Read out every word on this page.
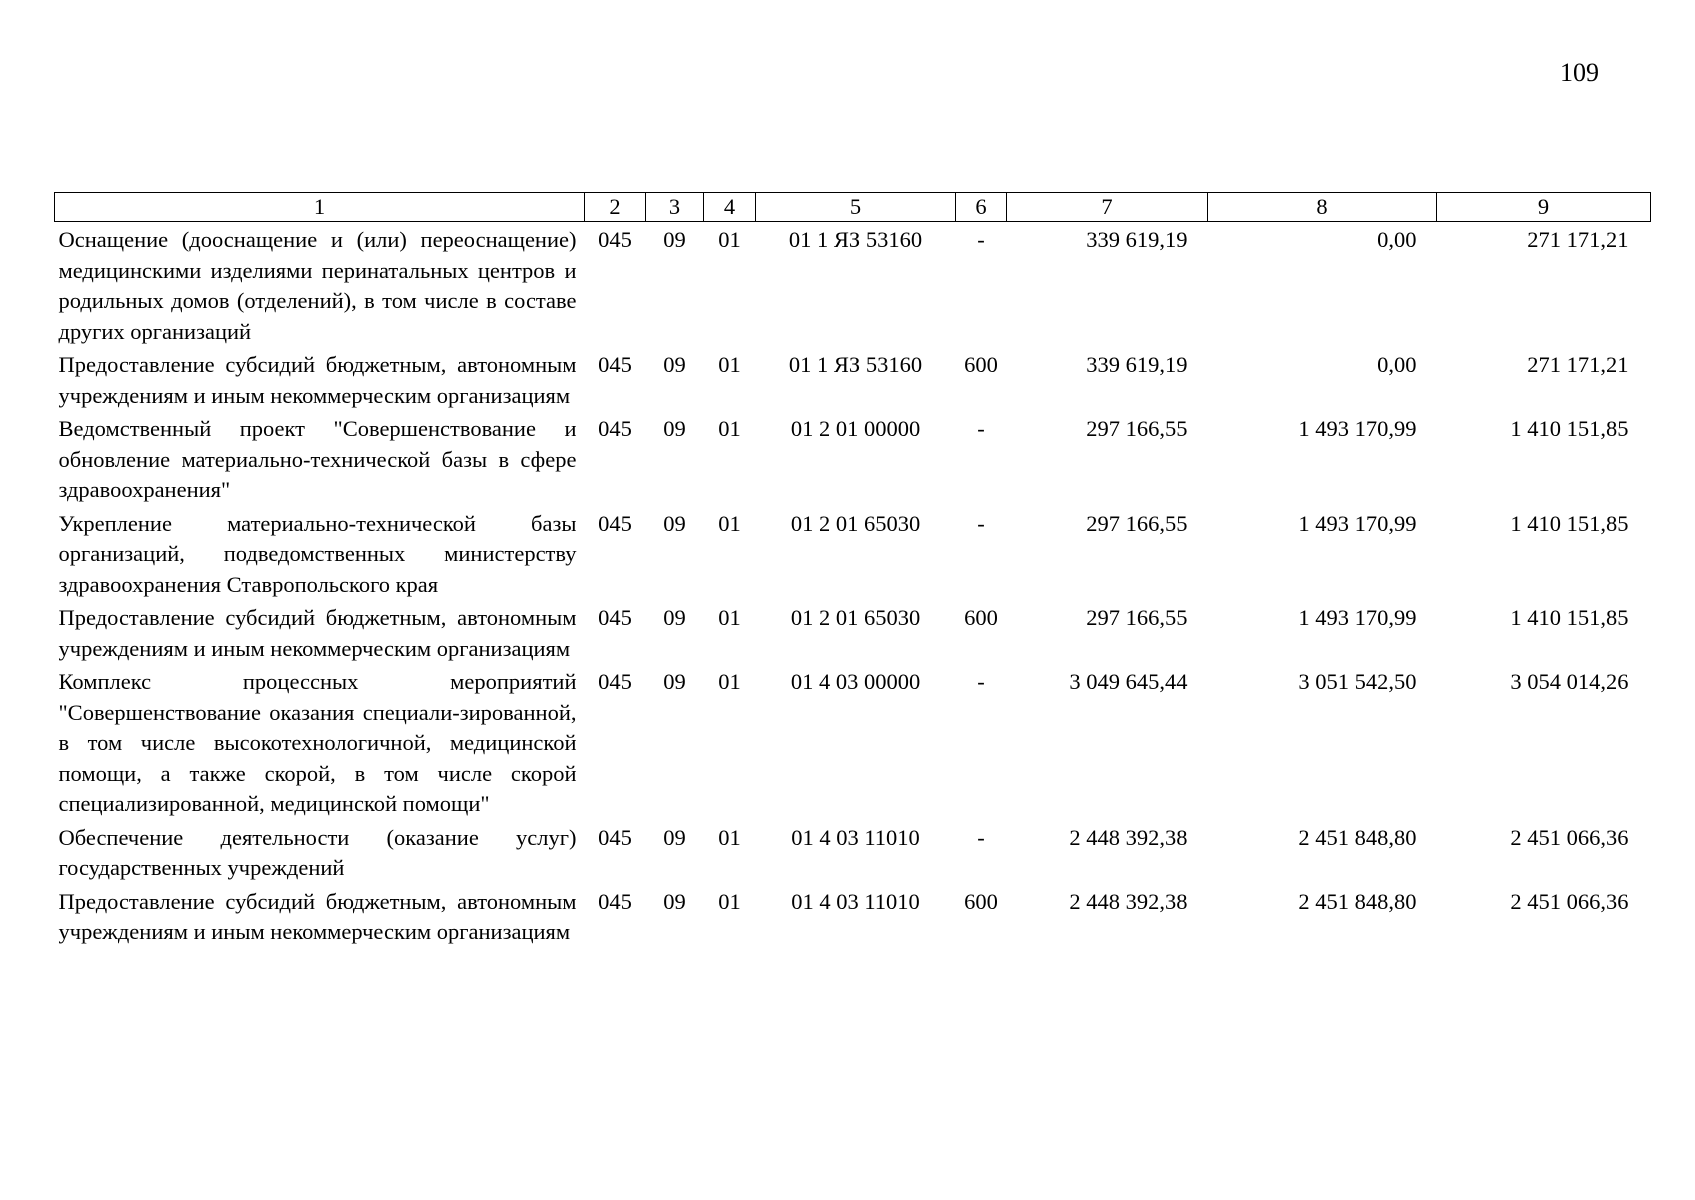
109
1	2	3	4	5	6	7	8	9
Оснащение (дооснащение и (или) переоснащение) медицинскими изделиями перинатальных центров и родильных домов (отделений), в том числе в составе других организаций	045	09	01	01 1 ЯЗ 53160	-	339 619,19	0,00	271 171,21
Предоставление субсидий бюджетным, автономным учреждениям и иным некоммерческим организациям	045	09	01	01 1 ЯЗ 53160	600	339 619,19	0,00	271 171,21
Ведомственный проект "Совершенствование и обновление материально-технической базы в сфере здравоохранения"	045	09	01	01 2 01 00000	-	297 166,55	1 493 170,99	1 410 151,85
Укрепление материально-технической базы организаций, подведомственных министерству здравоохранения Ставропольского края	045	09	01	01 2 01 65030	-	297 166,55	1 493 170,99	1 410 151,85
Предоставление субсидий бюджетным, автономным учреждениям и иным некоммерческим организациям	045	09	01	01 2 01 65030	600	297 166,55	1 493 170,99	1 410 151,85
Комплекс процессных мероприятий "Совершенствование оказания специали-зированной, в том числе высокотехнологичной, медицинской помощи, а также скорой, в том числе скорой специализированной, медицинской помощи"	045	09	01	01 4 03 00000	-	3 049 645,44	3 051 542,50	3 054 014,26
Обеспечение деятельности (оказание услуг) государственных учреждений	045	09	01	01 4 03 11010	-	2 448 392,38	2 451 848,80	2 451 066,36
Предоставление субсидий бюджетным, автономным учреждениям и иным некоммерческим организациям	045	09	01	01 4 03 11010	600	2 448 392,38	2 451 848,80	2 451 066,36
